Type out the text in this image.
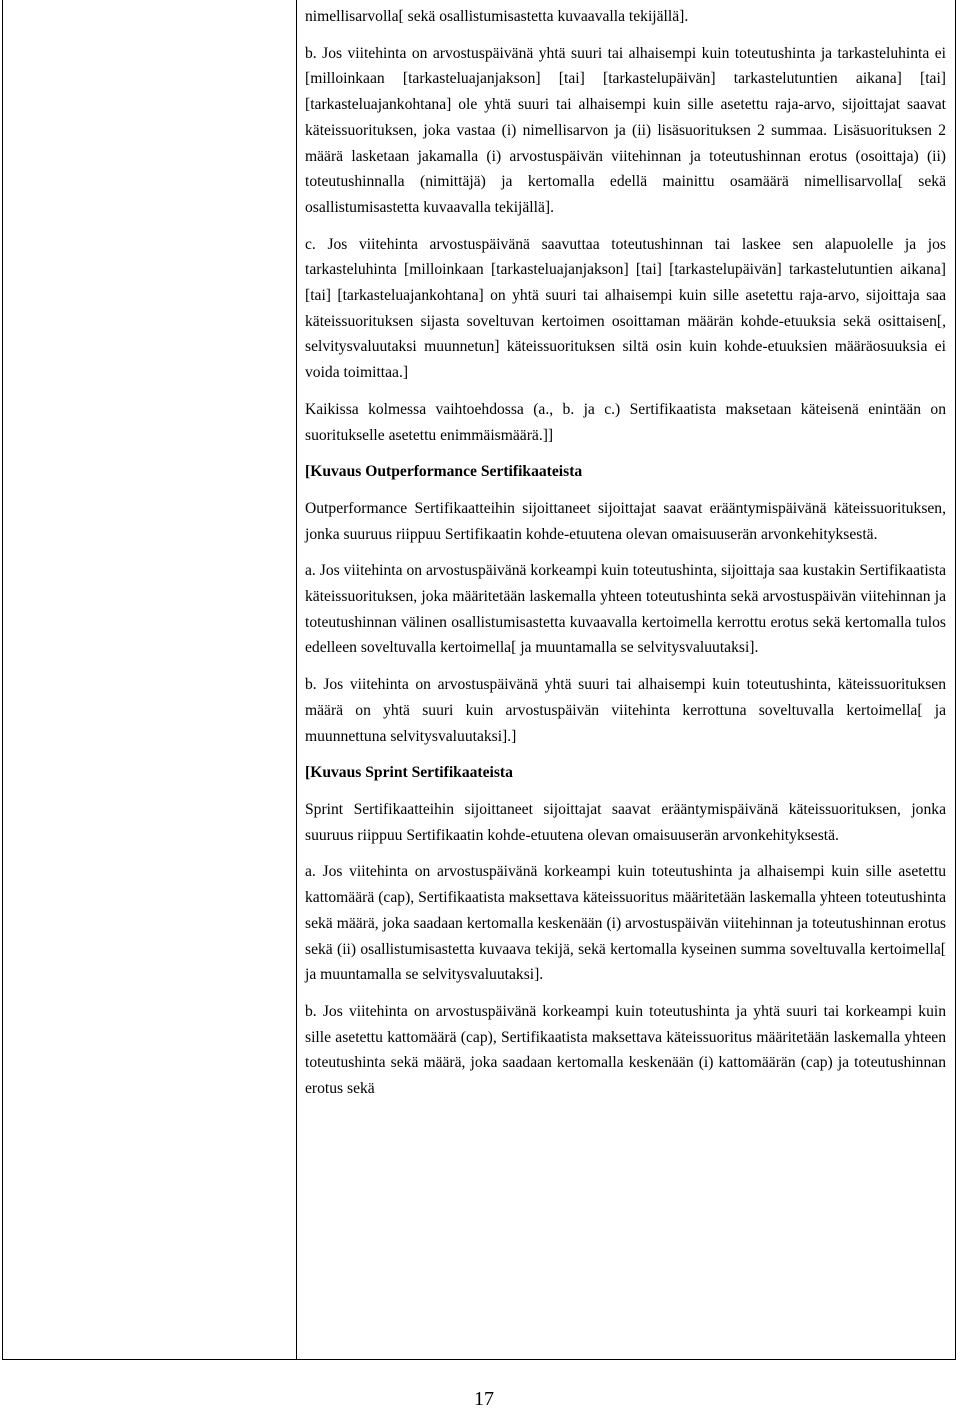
nimellisarvolla[ sekä osallistumisastetta kuvaavalla tekijällä].

b. Jos viitehinta on arvostuspäivänä yhtä suuri tai alhaisempi kuin toteutushinta ja tarkasteluhinta ei [milloinkaan [tarkasteluajanjakson] [tai] [tarkastelupäivän] tarkastelutuntien aikana] [tai] [tarkasteluajankohtana] ole yhtä suuri tai alhaisempi kuin sille asetettu raja-arvo, sijoittajat saavat käteissuorituksen, joka vastaa (i) nimellisarvon ja (ii) lisäsuorituksen 2 summaa. Lisäsuorituksen 2 määrä lasketaan jakamalla (i) arvostuspäivän viitehinnan ja toteutushinnan erotus (osoittaja) (ii) toteutushinnalla (nimittäjä) ja kertomalla edellä mainittu osamäärä nimellisarvolla[ sekä osallistumisastetta kuvaavalla tekijällä].

c. Jos viitehinta arvostuspäivänä saavuttaa toteutushinnan tai laskee sen alapuolelle ja jos tarkasteluhinta [milloinkaan [tarkasteluajanjakson] [tai] [tarkastelupäivän] tarkastelutuntien aikana] [tai] [tarkasteluajankohtana] on yhtä suuri tai alhaisempi kuin sille asetettu raja-arvo, sijoittaja saa käteissuorituksen sijasta soveltuvan kertoimen osoittaman määrän kohde-etuuksia sekä osittaisen[, selvitysvaluutaksi muunnetun] käteissuorituksen siltä osin kuin kohde-etuuksien määräosuuksia ei voida toimittaa.]

Kaikissa kolmessa vaihtoehdossa (a., b. ja c.) Sertifikaatista maksetaan käteisenä enintään on suoritukselle asetettu enimmäismäärä.]]

[Kuvaus Outperformance Sertifikaateista

Outperformance Sertifikaatteihin sijoittaneet sijoittajat saavat erääntymispäivänä käteissuorituksen, jonka suuruus riippuu Sertifikaatin kohde-etuutena olevan omaisuuserän arvonkehityksestä.

a. Jos viitehinta on arvostuspäivänä korkeampi kuin toteutushinta, sijoittaja saa kustakin Sertifikaatista käteissuorituksen, joka määritetään laskemalla yhteen toteutushinta sekä arvostuspäivän viitehinnan ja toteutushinnan välinen osallistumisastetta kuvaavalla kertoimella kerrottu erotus sekä kertomalla tulos edelleen soveltuvalla kertoimella[ ja muuntamalla se selvitysvaluutaksi].

b. Jos viitehinta on arvostuspäivänä yhtä suuri tai alhaisempi kuin toteutushinta, käteissuorituksen määrä on yhtä suuri kuin arvostuspäivän viitehinta kerrottuna soveltuvalla kertoimella[ ja muunnettuna selvitysvaluutaksi].]

[Kuvaus Sprint Sertifikaateista

Sprint Sertifikaatteihin sijoittaneet sijoittajat saavat erääntymispäivänä käteissuorituksen, jonka suuruus riippuu Sertifikaatin kohde-etuutena olevan omaisuuserän arvonkehityksestä.

a. Jos viitehinta on arvostuspäivänä korkeampi kuin toteutushinta ja alhaisempi kuin sille asetettu kattomäärä (cap), Sertifikaatista maksettava käteissuoritus määritetään laskemalla yhteen toteutushinta sekä määrä, joka saadaan kertomalla keskenään (i) arvostuspäivän viitehinnan ja toteutushinnan erotus sekä (ii) osallistumisastetta kuvaava tekijä, sekä kertomalla kyseinen summa soveltuvalla kertoimella[ ja muuntamalla se selvitysvaluutaksi].

b. Jos viitehinta on arvostuspäivänä korkeampi kuin toteutushinta ja yhtä suuri tai korkeampi kuin sille asetettu kattomäärä (cap), Sertifikaatista maksettava käteissuoritus määritetään laskemalla yhteen toteutushinta sekä määrä, joka saadaan kertomalla keskenään (i) kattomäärän (cap) ja toteutushinnan erotus sekä

17
